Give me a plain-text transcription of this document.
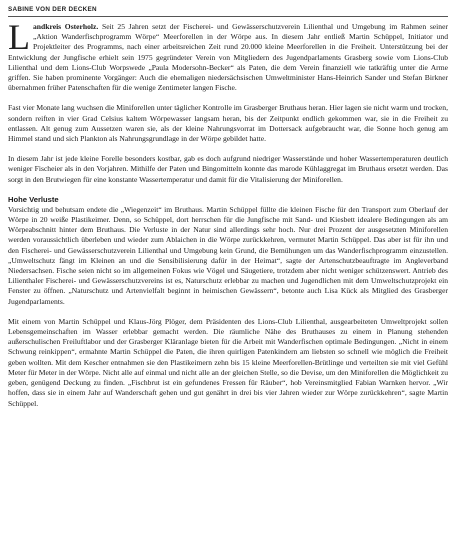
SABINE VON DER DECKEN

Landkreis Osterholz. Seit 25 Jahren setzt der Fischerei- und Gewässerschutzverein Lilienthal und Umgebung im Rahmen seiner „Aktion Wanderfischprogramm Wörpe“ Meerforellen in der Wörpe aus. In diesem Jahr entließ Martin Schüppel, Initiator und Projektleiter des Programms, nach einer arbeitsreichen Zeit rund 20.000 kleine Meerforellen in die Freiheit. Unterstützung bei der Entwicklung der Jungfische erhielt sein 1975 gegründeter Verein von Mitgliedern des Jugendparlaments Grasberg sowie vom Lions-Club Lilienthal und dem Lions-Club Worpswede „Paula Modersohn-Becker“ als Paten, die dem Verein finanziell wie tatkräftig unter die Arme griffen. Sie haben prominente Vorgänger: Auch die ehemaligen niedersächsischen Umweltminister Hans-Heinrich Sander und Stefan Birkner übernahmen früher Patenschaften für die wenige Zentimeter langen Fische.

Fast vier Monate lang wuchsen die Miniforellen unter täglicher Kontrolle im Grasberger Bruthaus heran. Hier lagen sie nicht warm und trocken, sondern reiften in vier Grad Celsius kaltem Wörpewasser langsam heran, bis der Zeitpunkt endlich gekommen war, sie in die Freiheit zu entlassen. Alt genug zum Aussetzen waren sie, als der kleine Nahrungsvorrat im Dottersack aufgebraucht war, die Sonne hoch genug am Himmel stand und sich Plankton als Nahrungsgrundlage in der Wörpe gebildet hatte.

In diesem Jahr ist jede kleine Forelle besonders kostbar, gab es doch aufgrund niedriger Wasserstände und hoher Wassertemperaturen deutlich weniger Fischeier als in den Vorjahren. Mithilfe der Paten und Bingomitteln konnte das marode Kühlaggregat im Bruthaus ersetzt werden. Das sorgt in den Brutwiegen für eine konstante Wassertemperatur und damit für die Vitalisierung der Miniforellen.

Hohe Verluste

Vorsichtig und behutsam endete die „Wiegenzeit“ im Bruthaus. Martin Schüppel füllte die kleinen Fische für den Transport zum Oberlauf der Wörpe in 20 weiße Plastikeimer. Denn, so Schüppel, dort herrschen für die Jungfische mit Sand- und Kiesbett idealere Bedingungen als am Wörpeabschnitt hinter dem Bruthaus. Die Verluste in der Natur sind allerdings sehr hoch. Nur drei Prozent der ausgesetzten Miniforellen werden voraussichtlich überleben und wieder zum Ablaichen in die Wörpe zurückkehren, vermutet Martin Schüppel. Das aber ist für ihn und den Fischerei- und Gewässerschutzverein Lilienthal und Umgebung kein Grund, die Bemühungen um das Wanderfischprogramm einzustellen. „Umweltschutz fängt im Kleinen an und die Sensibilisierung dafür in der Heimat“, sagte der Artenschutzbeauftragte im Angleverband Niedersachsen. Fische seien nicht so im allgemeinen Fokus wie Vögel und Säugetiere, trotzdem aber nicht weniger schützenswert. Antrieb des Lilienthaler Fischerei- und Gewässerschutzvereins ist es, Naturschutz erlebbar zu machen und Jugendlichen mit dem Umweltschutzprojekt ein Fenster zu öffnen. „Naturschutz und Artenvielfalt beginnt in heimischen Gewässern“, betonte auch Lisa Kück als Mitglied des Grasberger Jugendparlaments.

Mit einem von Martin Schüppel und Klaus-Jörg Plöger, dem Präsidenten des Lions-Club Lilienthal, ausgearbeiteten Umweltprojekt sollen Lebensgemeinschaften im Wasser erlebbar gemacht werden. Die räumliche Nähe des Bruthauses zu einem in Planung stehenden außerschulischen Freiluftlabor und der Grasberger Kläranlage bieten für die Arbeit mit Wanderfischen optimale Bedingungen. „Nicht in einem Schwung reinkippen“, ermahnte Martin Schüppel die Paten, die ihren quirligen Patenkindern am liebsten so schnell wie möglich die Freiheit geben wollten. Mit dem Kescher entnahmen sie den Plastikeimern zehn bis 15 kleine Meerforellen-Brütlinge und verteilten sie mit viel Gefühl Meter für Meter in der Wörpe. Nicht alle auf einmal und nicht alle an der gleichen Stelle, so die Devise, um den Miniforellen die Möglichkeit zu geben, genügend Deckung zu finden. „Fischbrut ist ein gefundenes Fressen für Räuber“, hob Vereinsmitglied Fabian Warnken hervor. „Wir hoffen, dass sie in einem Jahr auf Wanderschaft gehen und gut genährt in drei bis vier Jahren wieder zur Wörpe zurückkehren“, sagte Martin Schüppel.
